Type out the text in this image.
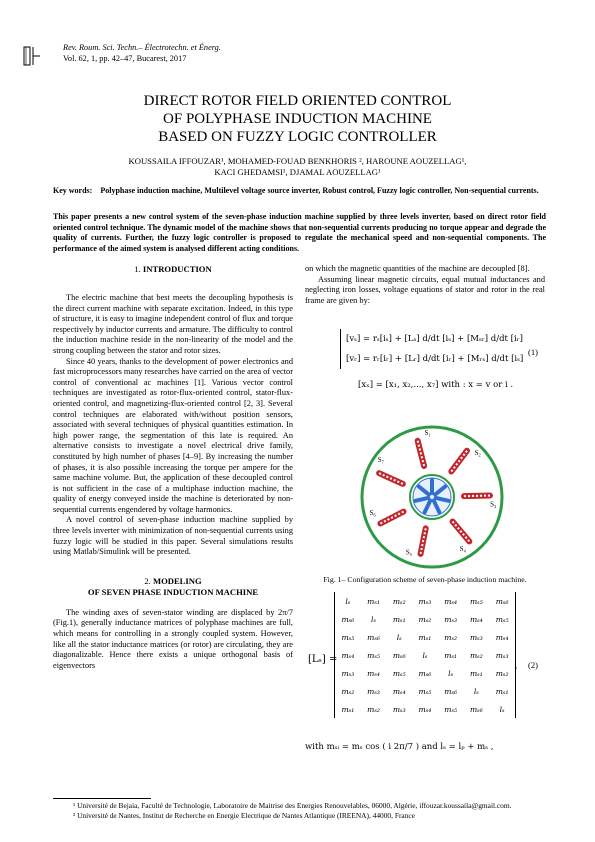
Rev. Roum. Sci. Techn.– Électrotechn. et Énerg.
Vol. 62, 1, pp. 42–47, Bucarest, 2017
DIRECT ROTOR FIELD ORIENTED CONTROL
OF POLYPHASE INDUCTION MACHINE
BASED ON FUZZY LOGIC CONTROLLER
KOUSSAILA IFFOUZAR¹, MOHAMED-FOUAD BENKHORIS ², HAROUNE AOUZELLAG¹,
KACI GHEDAMSI¹, DJAMAL AOUZELLAG¹
Key words: Polyphase induction machine, Multilevel voltage source inverter, Robust control, Fuzzy logic controller, Non-sequential currents.
This paper presents a new control system of the seven-phase induction machine supplied by three levels inverter, based on direct rotor field oriented control technique. The dynamic model of the machine shows that non-sequential currents producing no torque appear and degrade the quality of currents. Further, the fuzzy logic controller is proposed to regulate the mechanical speed and non-sequential components. The performance of the aimed system is analysed different acting conditions.
1. INTRODUCTION

The electric machine that best meets the decoupling hypothesis is the direct current machine with separate excitation. Indeed, in this type of structure, it is easy to imagine independent control of flux and torque respectively by inductor currents and armature. The difficulty to control the induction machine reside in the non-linearity of the model and the strong coupling between the stator and rotor sizes.

Since 40 years, thanks to the development of power electronics and fast microprocessors many researches have carried on the area of vector control of conventional ac machines [1]. Various vector control techniques are investigated as rotor-flux-oriented control, stator-flux-oriented control, and magnetizing-flux-oriented control [2, 3]. Several control techniques are elaborated with/without position sensors, associated with several techniques of physical quantities estimation. In high power range, the segmentation of this late is required. An alternative consists to investigate a novel electrical drive family, constituted by high number of phases [4–9]. By increasing the number of phases, it is also possible increasing the torque per ampere for the same machine volume. But, the application of these decoupled control is not sufficient in the case of a multiphase induction machine, the quality of energy conveyed inside the machine is deteriorated by non-sequential currents engendered by voltage harmonics.

A novel control of seven-phase induction machine supplied by three levels inverter with minimization of non-sequential currents using fuzzy logic will be studied in this paper. Several simulations results using Matlab/Simulink will be presented.

2. MODELING
OF SEVEN PHASE INDUCTION MACHINE

The winding axes of seven-stator winding are displaced by 2π/7 (Fig.1), generally inductance matrices of polyphase machines are full, which means for controlling in a strongly coupled system. However, like all the stator inductance matrices (or rotor) are circulating, they are diagonalizable. Hence there exists a unique orthogonal basis of eigenvectors

on which the magnetic quantities of the machine are decoupled [8].

Assuming linear magnetic circuits, equal mutual inductances and neglecting iron losses, voltage equations of stator and rotor in the real frame are given by:

[vₛ] = rₛ[iₛ] + [Lₛ] d/dt [iₛ] + [Mₛᵣ] d/dt [iᵣ]
[vᵣ] = rᵣ[iᵣ] + [Lᵣ] d/dt [iᵣ] + [Mᵣₛ] d/dt [iₛ]
[xₓ] = [x₁, x₂,..., x₇] with : x = v or i .
(1)
S₁
S₂
S₃
S₄
S₅
S₆
S₇
Fig. 1– Configuration scheme of seven-phase induction machine.
[Lₛ] =
lₛ	mₛ₁	mₛ₂	mₛ₃	mₛ₄	mₛ₅	mₛ₆
mₛ₆	lₛ	mₛ₁	mₛ₂	mₛ₃	mₛ₄	mₛ₅
mₛ₅	mₛ₆	lₛ	mₛ₁	mₛ₂	mₛ₃	mₛ₄
mₛ₄	mₛ₅	mₛ₆	lₛ	mₛ₁	mₛ₂	mₛ₃
mₛ₃	mₛ₄	mₛ₅	mₛ₆	lₛ	mₛ₁	mₛ₂
mₛ₂	mₛ₃	mₛ₄	mₛ₅	mₛ₆	lₛ	mₛ₁
mₛ₁	mₛ₂	mₛ₃	mₛ₄	mₛ₅	mₛ₆	lₛ
, (2)
with mₛᵢ = mₛ cos ( i 2π/7 ) and lₛ = lₚ + mₛ ,
¹ Université de Bejaia, Faculté de Technologie, Laboratoire de Maitrise des Energies Renouvelables, 06000, Algérie, iffouzar.koussaila@gmail.com.
² Université de Nantes, Institut de Recherche en Energie Electrique de Nantes Atlantique (IREENA), 44000, France
